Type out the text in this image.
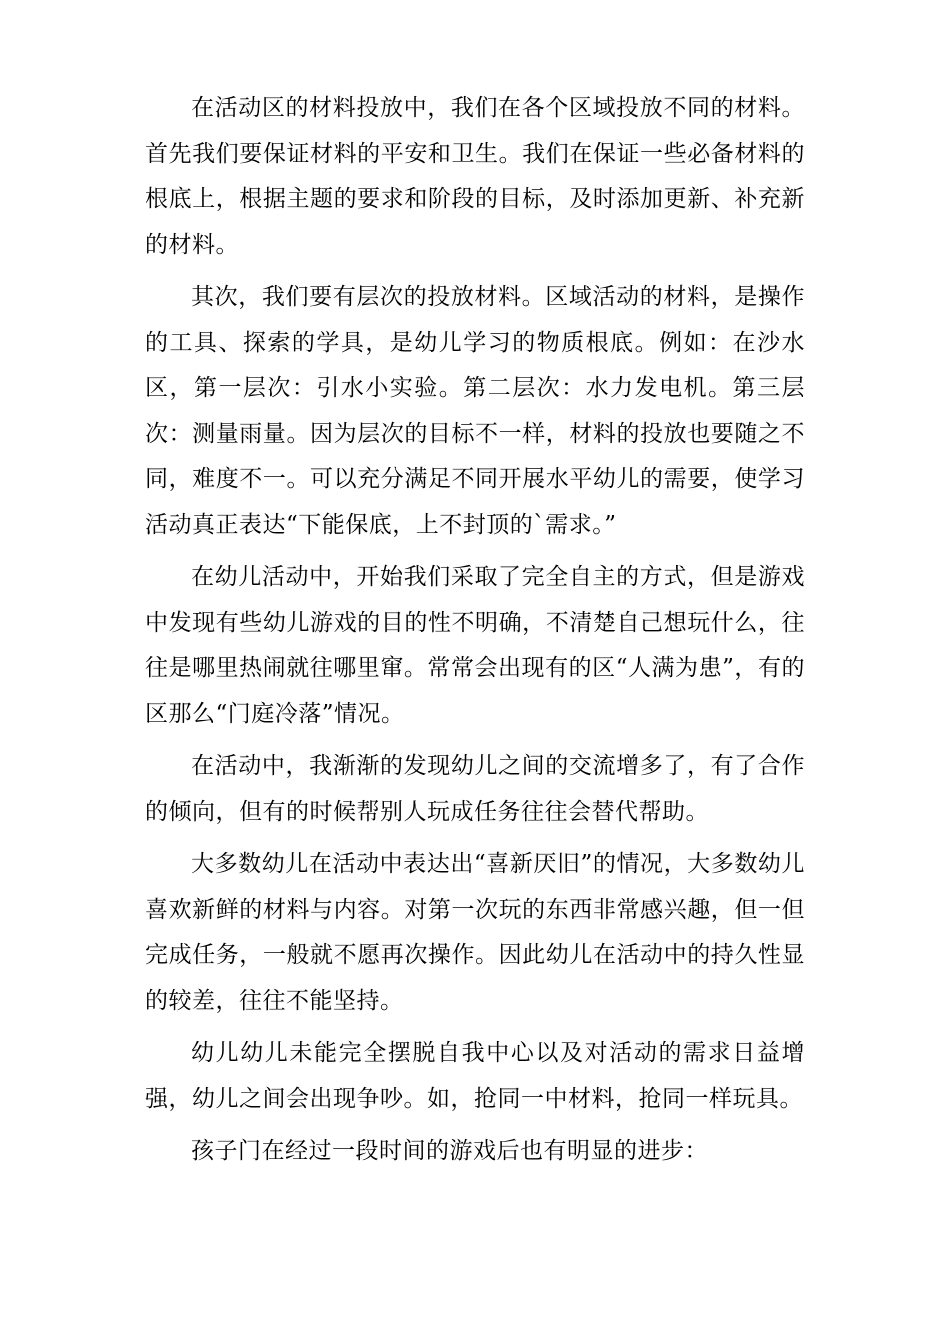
在活动区的材料投放中，我们在各个区域投放不同的材料。首先我们要保证材料的平安和卫生。我们在保证一些必备材料的根底上，根据主题的要求和阶段的目标，及时添加更新、补充新的材料。

其次，我们要有层次的投放材料。区域活动的材料，是操作的工具、探索的学具，是幼儿学习的物质根底。例如：在沙水区，第一层次：引水小实验。第二层次：水力发电机。第三层次：测量雨量。因为层次的目标不一样，材料的投放也要随之不同，难度不一。可以充分满足不同开展水平幼儿的需要，使学习活动真正表达“下能保底，上不封顶的`需求。”

在幼儿活动中，开始我们采取了完全自主的方式，但是游戏中发现有些幼儿游戏的目的性不明确，不清楚自己想玩什么，往往是哪里热闹就往哪里窜。常常会出现有的区“人满为患”，有的区那么“门庭冷落”情况。

在活动中，我渐渐的发现幼儿之间的交流增多了，有了合作的倾向，但有的时候帮别人玩成任务往往会替代帮助。

大多数幼儿在活动中表达出“喜新厌旧”的情况，大多数幼儿喜欢新鲜的材料与内容。对第一次玩的东西非常感兴趣，但一但完成任务，一般就不愿再次操作。因此幼儿在活动中的持久性显的较差，往往不能坚持。

幼儿幼儿未能完全摆脱自我中心以及对活动的需求日益增强，幼儿之间会出现争吵。如，抢同一中材料，抢同一样玩具。

孩子门在经过一段时间的游戏后也有明显的进步：
